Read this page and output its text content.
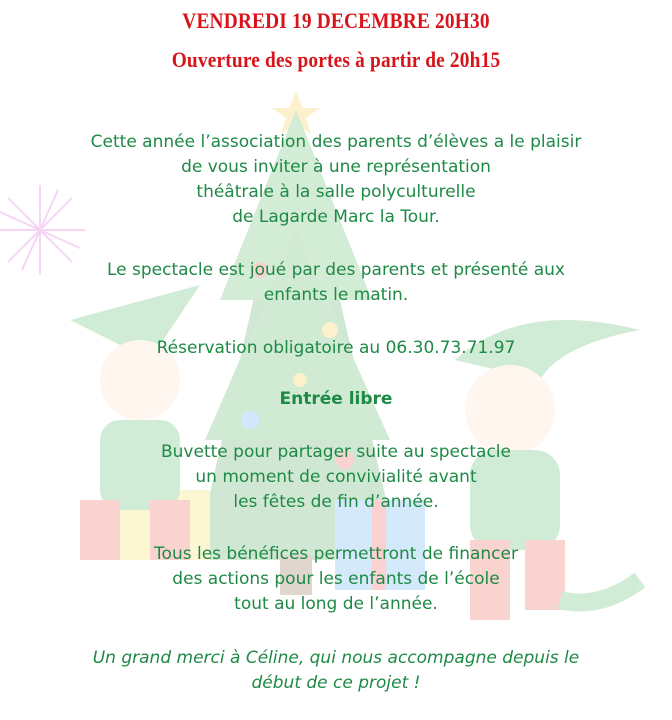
VENDREDI 19 DECEMBRE 20H30
Ouverture des portes à partir de 20h15
Cette année l’association des parents d’élèves a le plaisir
de vous inviter à une représentation
théâtrale à la salle polyculturelle
de Lagarde Marc la Tour.
Le spectacle est joué par des parents et présenté aux
enfants le matin.
Réservation obligatoire au 06.30.73.71.97
Entrée libre
Buvette pour partager suite au spectacle
un moment de convivialité avant
les fêtes de fin d’année.
Tous les bénéfices permettront de financer
des actions pour les enfants de l’école
tout au long de l’année.
Un grand merci à Céline, qui nous accompagne depuis le
début de ce projet !
